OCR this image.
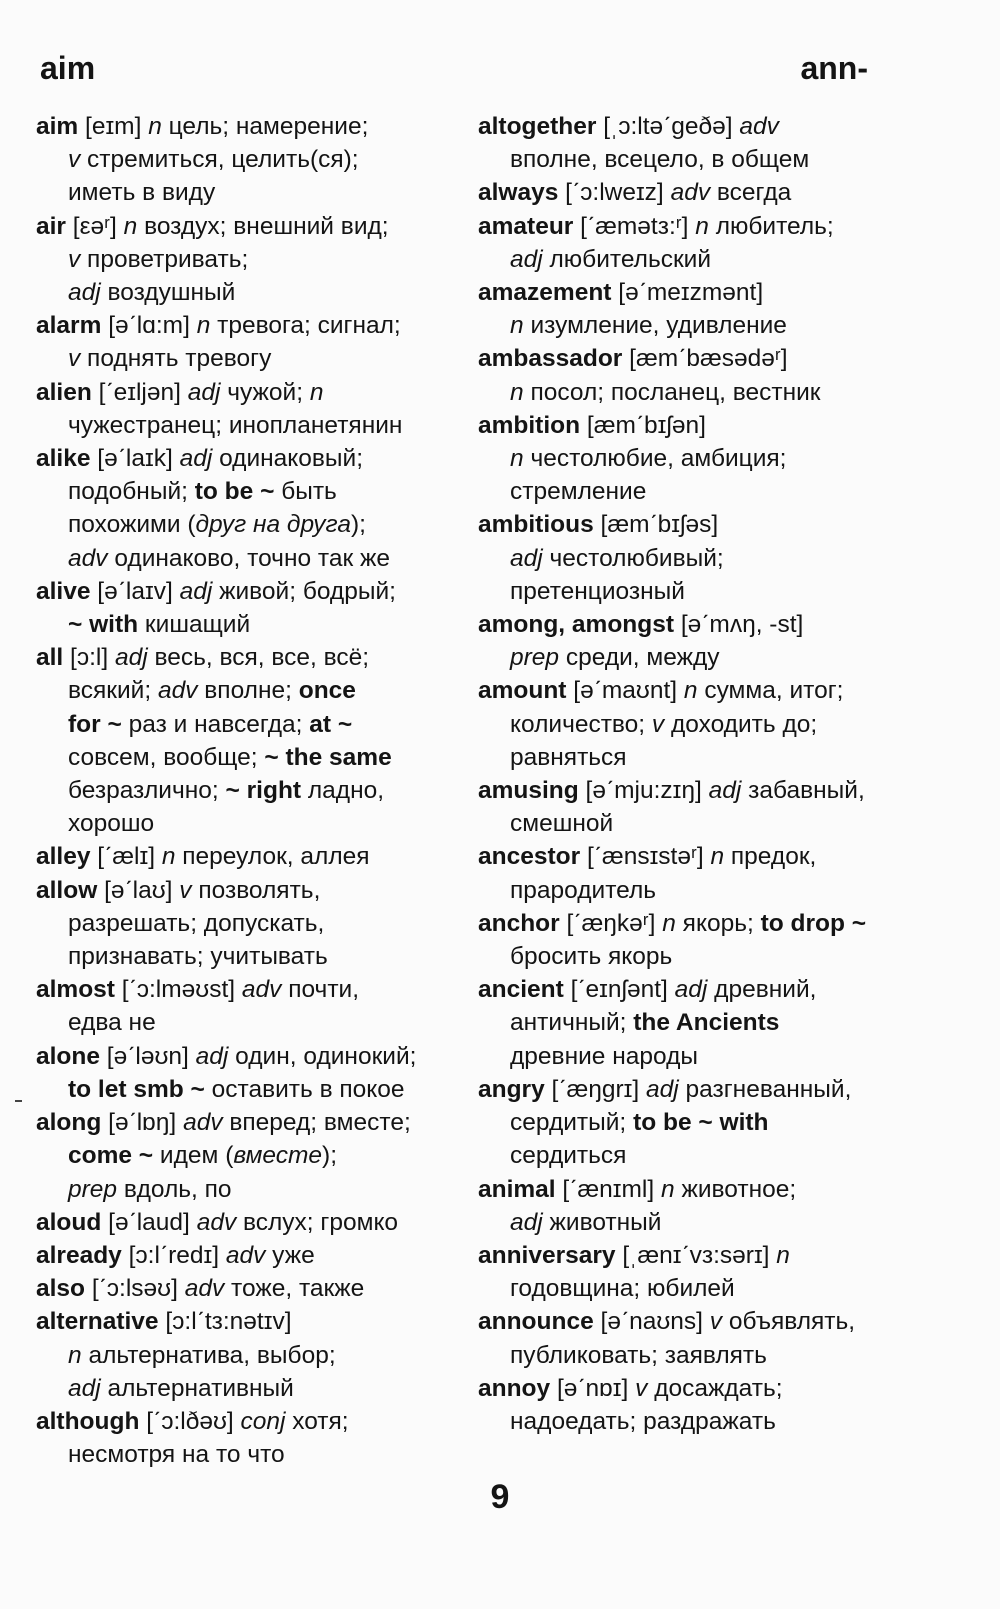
aim	ann-
aim [eɪm] n цель; намерение;
v стремиться, целить(ся);
иметь в виду
air [εəʳ] n воздух; внешний вид;
v проветривать;
adj воздушный
alarm [əˊlɑ:m] n тревога; сигнал;
v поднять тревогу
alien [ˊeɪljən] adj чужой; n
чужестранец; инопланетянин
alike [əˊlaɪk] adj одинаковый;
подобный; to be ~ быть
похожими (друг на друга);
adv одинаково, точно так же
alive [əˊlaɪv] adj живой; бодрый;
~ with кишащий
all [ɔ:l] adj весь, вся, все, всё;
всякий; adv вполне; once
for ~ раз и навсегда; at ~
совсем, вообще; ~ the same
безразлично; ~ right ладно,
хорошо
alley [ˊælɪ] n переулок, аллея
allow [əˊlaʊ] v позволять,
разрешать; допускать,
признавать; учитывать
almost [ˊɔ:lməʊst] adv почти,
едва не
alone [əˊləʊn] adj один, одинокий;
to let smb ~ оставить в покое
along [əˊlɒŋ] adv вперед; вместе;
come ~ идем (вместе);
prep вдоль, по
aloud [əˊlaud] adv вслух; громко
already [ɔ:lˊredɪ] adv уже
also [ˊɔ:lsəʊ] adv тоже, также
alternative [ɔ:lˊtз:nətɪv]
n альтернатива, выбор;
adj альтернативный
although [ˊɔ:lðəʊ] conj хотя;
несмотря на то что
altogether [ˌɔ:ltəˊgeðə] adv
вполне, всецело, в общем
always [ˊɔ:lweɪz] adv всегда
amateur [ˊæmətз:ʳ] n любитель;
adj любительский
amazement [əˊmeɪzmənt]
n изумление, удивление
ambassador [æmˊbæsədəʳ]
n посол; посланец, вестник
ambition [æmˊbɪʃən]
n честолюбие, амбиция;
стремление
ambitious [æmˊbɪʃəs]
adj честолюбивый;
претенциозный
among, amongst [əˊmʌŋ, -st]
prep среди, между
amount [əˊmaʊnt] n сумма, итог;
количество; v доходить до;
равняться
amusing [əˊmju:zɪŋ] adj забавный,
смешной
ancestor [ˊænsɪstəʳ] n предок,
прародитель
anchor [ˊæŋkəʳ] n якорь; to drop ~
бросить якорь
ancient [ˊeɪnʃənt] adj древний,
античный; the Ancients
древние народы
angry [ˊæŋgrɪ] adj разгневанный,
сердитый; to be ~ with
сердиться
animal [ˊænɪml] n животное;
adj животный
anniversary [ˌænɪˊvз:sərɪ] n
годовщина; юбилей
announce [əˊnaʊns] v объявлять,
публиковать; заявлять
annoy [əˊnɒɪ] v досаждать;
надоедать; раздражать
9
